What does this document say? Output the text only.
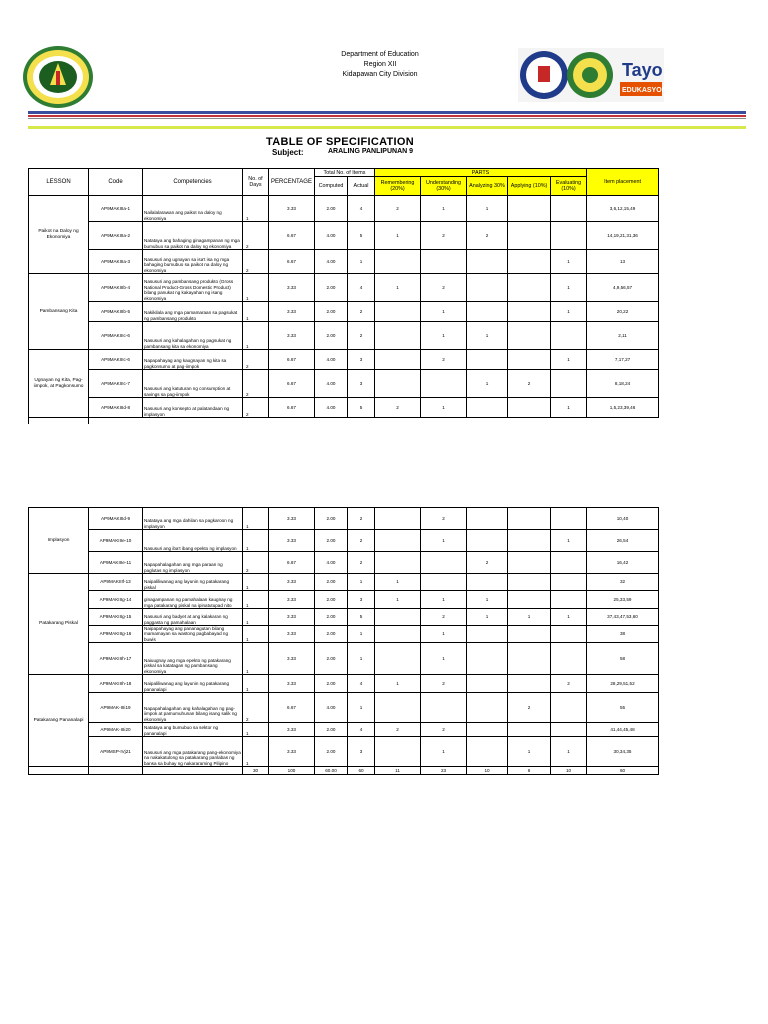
Department of Education
Region XII
Kidapawan City Division	Tayo
EDUKASYON
TABLE OF SPECIFICATION
Subject:	ARALING PANLIPUNAN 9
LESSON	Code	Competencies	No. of Days	PERCENTAGE	Total No. of Items		PARTS					Item placement
					Computed	Actual	Remembering (20%)	Understanding (30%)	Analyzing 30%	Applying (10%)	Evaluating (10%)	
Paikot na Daloy ng Ekonomiya	AP9MAKIIIa-1	Nailalalarawan ang paikot na daloy ng ekonomiya	1	3.33	2.00	4	2	1	1			3,6,12,15,49
	AP9MAKIIIa-2	Natataya ang bahaging ginagampanan ng mga bumubuo sa paikot na daloy ng ekonomiya	2	6.67	4.00	5	1	2	2			14,19,21,31,36
	AP9MAKIIIa-3	Nasusuri ang ugnayan sa isa't isa ng mga bahaging bumubuo sa paikot na daloy ng ekonomiya	2	6.67	4.00	1					1	13
Pambansang Kita	AP9MAKIIIb-4	Nasusuri ang pambansang produkto (Gross National Product-Gross Domestic Product) bilang panukat ng kakayahan ng isang ekonomiya	1	3.33	2.00	4	1	2			1	4,9,56,57
	AP9MAKIIIb-5	Nakikilala ang mga pamamaraan sa pagsukat ng pambansang produkto	1	3.33	2.00	2		1			1	20,22
	AP9MAKIIIc-6	Nasusuri ang kahalagahan ng pagsukat ng pambansang kita sa ekonomiya	1	3.33	2.00	2		1	1			2,11
Ugnayan ng Kita, Pag-iimpok, at Pagkonsumo	AP9MAKIIIc-6	Napapahayag ang kaugnayan ng kita sa pagkonsumo at pag-iimpok	2	6.67	4.00	3		2			1	7,17,27
	AP9MAKIIIc-7	Nasusuri ang katuturan ng consumption at savings sa pag-iimpok	2	6.67	4.00	3			1	2		8,18,24
	AP9MAKIIId-8	Nasusuri ang konsepto at palatandaan ng implasyon	2	6.67	4.00	5	2	1			1	1,5,23,39,46

Implasyon	AP9MAKIIId-9	Natataya ang mga dahilan sa pagkaroon ng implasyon	1	3.33	2.00	2		2				10,40
	AP9MAKIIIe-10	Nasusuri ang iba't ibang epekto ng implasyon	1	3.33	2.00	2		1			1	26,54
	AP9MAKIIIe-11	Napapahalagahan ang mga paraan ng paglutas ng implasyon	2	6.67	4.00	2			2			16,42
Patakarang Piskal	AP9MAKIIIf-13	Naipaliliwanag ang layunin ng patakarang piskal	1	3.33	2.00	1	1					32
	AP9MAKIIIg-14	ginagampanan ng pamahalaan kaugnay ng mga patakarang piskal na ipinatutupad nito	1	3.33	2.00	3	1	1	1			25,33,59
	AP9MAKIIIg-15	Nasusuri ang badyet at ang kalakaran ng paggasta ng pamahalaan	1	3.33	2.00	5		2	1	1	1	37,43,47,53,60
	AP9MAKIIIg-16	Naipapahayag ang pananagutan bilang mamamayan sa wastong pagbabayad ng buwis	1	3.33	2.00	1		1				38
	AP9MAKIIIh-17	Naiuugnay ang mga epekto ng patakarang piskal sa katatagan ng pambansang ekonomiya	1	3.33	2.00	1		1				58
Patakarang Pananalapi	AP9MAKIIIh-18	Naipaliliwanag ang layunin ng patakarang pananalapi	1	3.33	2.00	4	1	2			2	28,29,51,52
	AP9MAK-IIIi19	Napapahalagahan ang kahalagahan ng pag-iimpok at pamumuhunan bilang isang salik ng ekonomiya	2	6.67	4.00	1				2		55
	AP9MAK-IIIi20	Natataya ang bumubuo sa sektor ng pananalapi	1	3.33	2.00	4	2	2				41,44,45,48
	AP9MSP-IVj21	Nasusuri ang mga patakarang pang-ekonomiya na nakakatulong sa patakarang panlabas ng bansa sa buhay ng nakararaming Pilipino	1	3.33	2.00	3		1		1	1	30,34,35
			30	100	60.00	60	11	23	10	6	10	60
